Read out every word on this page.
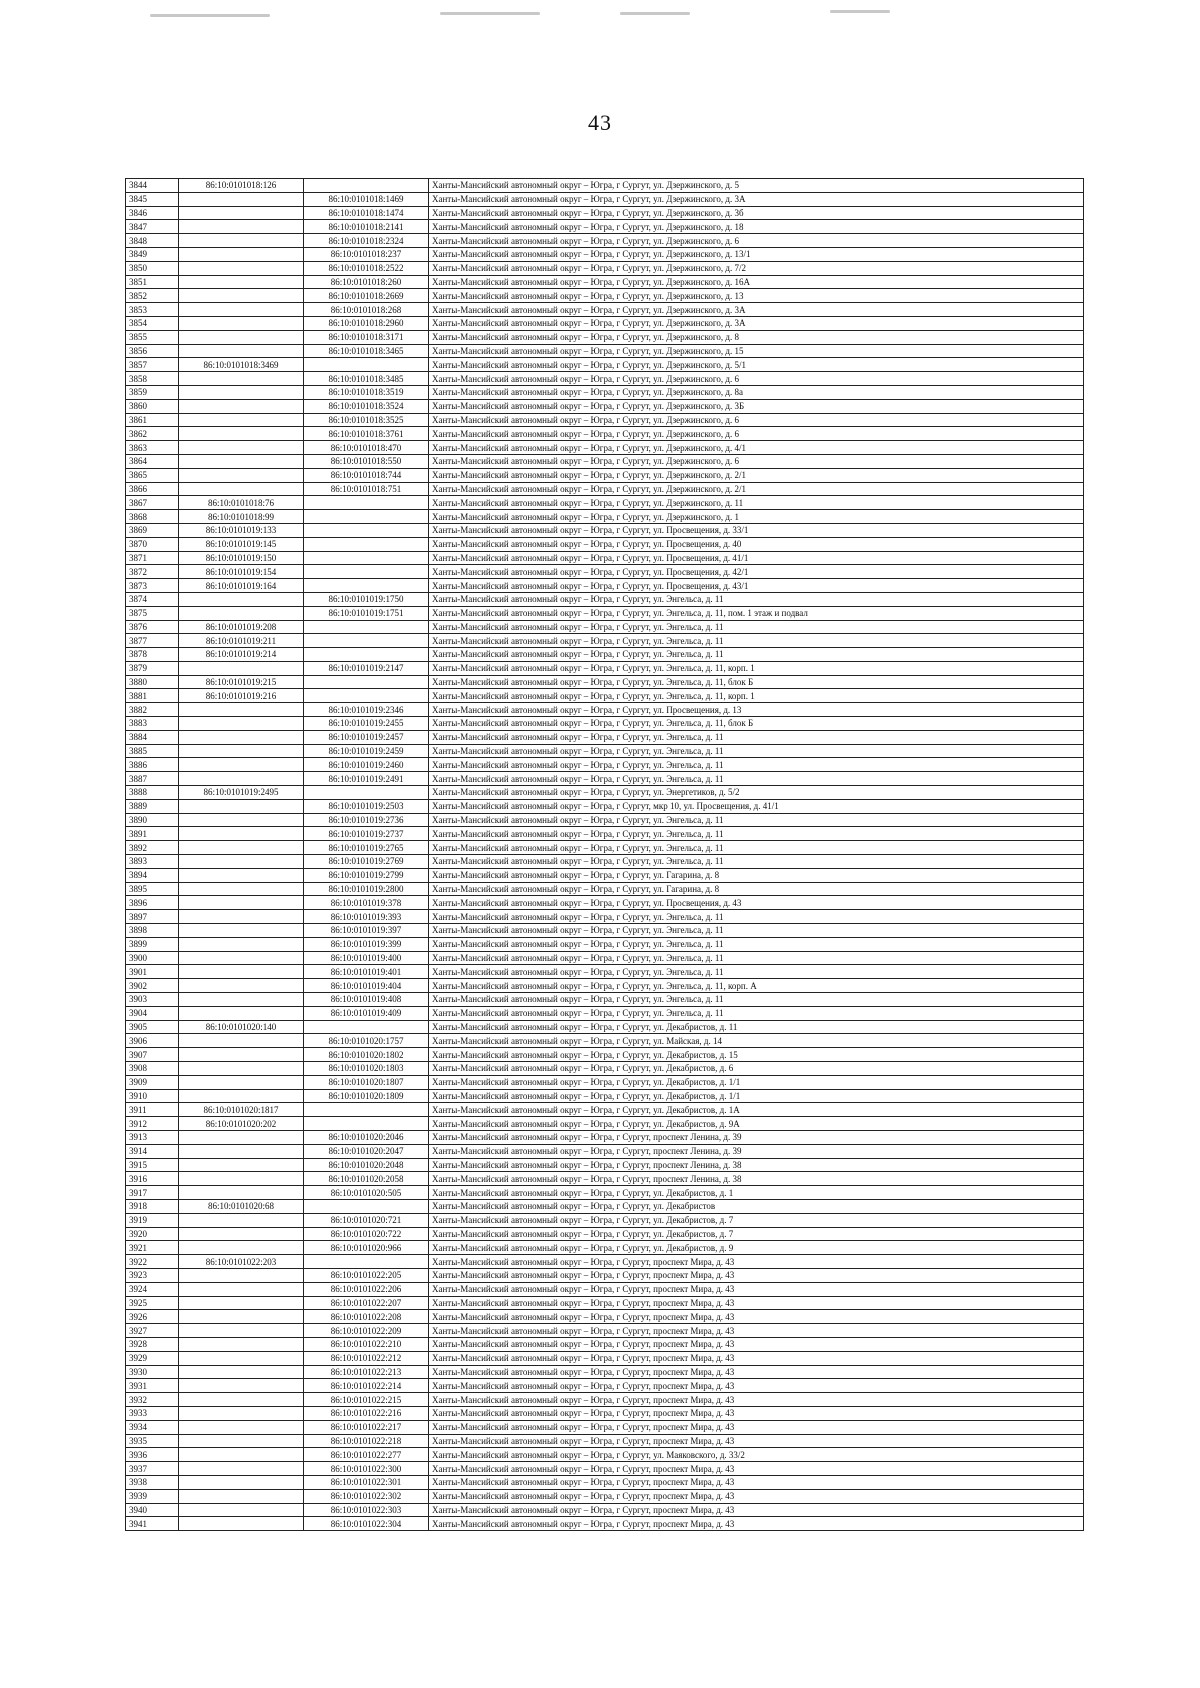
43
3844	86:10:0101018:126		Ханты-Мансийский автономный округ – Югра, г Сургут, ул. Дзержинского, д. 5
3845		86:10:0101018:1469	Ханты-Мансийский автономный округ – Югра, г Сургут, ул. Дзержинского, д. 3А
3846		86:10:0101018:1474	Ханты-Мансийский автономный округ – Югра, г Сургут, ул. Дзержинского, д. 3б
3847		86:10:0101018:2141	Ханты-Мансийский автономный округ – Югра, г Сургут, ул. Дзержинского, д. 18
3848		86:10:0101018:2324	Ханты-Мансийский автономный округ – Югра, г Сургут, ул. Дзержинского, д. 6
3849		86:10:0101018:237	Ханты-Мансийский автономный округ – Югра, г Сургут, ул. Дзержинского, д. 13/1
3850		86:10:0101018:2522	Ханты-Мансийский автономный округ – Югра, г Сургут, ул. Дзержинского, д. 7/2
3851		86:10:0101018:260	Ханты-Мансийский автономный округ – Югра, г Сургут, ул. Дзержинского, д. 16А
3852		86:10:0101018:2669	Ханты-Мансийский автономный округ – Югра, г Сургут, ул. Дзержинского, д. 13
3853		86:10:0101018:268	Ханты-Мансийский автономный округ – Югра, г Сургут, ул. Дзержинского, д. 3А
3854		86:10:0101018:2960	Ханты-Мансийский автономный округ – Югра, г Сургут, ул. Дзержинского, д. 3А
3855		86:10:0101018:3171	Ханты-Мансийский автономный округ – Югра, г Сургут, ул. Дзержинского, д. 8
3856		86:10:0101018:3465	Ханты-Мансийский автономный округ – Югра, г Сургут, ул. Дзержинского, д. 15
3857	86:10:0101018:3469		Ханты-Мансийский автономный округ – Югра, г Сургут, ул. Дзержинского, д. 5/1
3858		86:10:0101018:3485	Ханты-Мансийский автономный округ – Югра, г Сургут, ул. Дзержинского, д. 6
3859		86:10:0101018:3519	Ханты-Мансийский автономный округ – Югра, г Сургут, ул. Дзержинского, д. 8а
3860		86:10:0101018:3524	Ханты-Мансийский автономный округ – Югра, г Сургут, ул. Дзержинского, д. 3Б
3861		86:10:0101018:3525	Ханты-Мансийский автономный округ – Югра, г Сургут, ул. Дзержинского, д. 6
3862		86:10:0101018:3761	Ханты-Мансийский автономный округ – Югра, г Сургут, ул. Дзержинского, д. 6
3863		86:10:0101018:470	Ханты-Мансийский автономный округ – Югра, г Сургут, ул. Дзержинского, д. 4/1
3864		86:10:0101018:550	Ханты-Мансийский автономный округ – Югра, г Сургут, ул. Дзержинского, д. 6
3865		86:10:0101018:744	Ханты-Мансийский автономный округ – Югра, г Сургут, ул. Дзержинского, д. 2/1
3866		86:10:0101018:751	Ханты-Мансийский автономный округ – Югра, г Сургут, ул. Дзержинского, д. 2/1
3867	86:10:0101018:76		Ханты-Мансийский автономный округ – Югра, г Сургут, ул. Дзержинского, д. 11
3868	86:10:0101018:99		Ханты-Мансийский автономный округ – Югра, г Сургут, ул. Дзержинского, д. 1
3869	86:10:0101019:133		Ханты-Мансийский автономный округ – Югра, г Сургут, ул. Просвещения, д. 33/1
3870	86:10:0101019:145		Ханты-Мансийский автономный округ – Югра, г Сургут, ул. Просвещения, д. 40
3871	86:10:0101019:150		Ханты-Мансийский автономный округ – Югра, г Сургут, ул. Просвещения, д. 41/1
3872	86:10:0101019:154		Ханты-Мансийский автономный округ – Югра, г Сургут, ул. Просвещения, д. 42/1
3873	86:10:0101019:164		Ханты-Мансийский автономный округ – Югра, г Сургут, ул. Просвещения, д. 43/1
3874		86:10:0101019:1750	Ханты-Мансийский автономный округ – Югра, г Сургут, ул. Энгельса, д. 11
3875		86:10:0101019:1751	Ханты-Мансийский автономный округ – Югра, г Сургут, ул. Энгельса, д. 11, пом. 1 этаж и подвал
3876	86:10:0101019:208		Ханты-Мансийский автономный округ – Югра, г Сургут, ул. Энгельса, д. 11
3877	86:10:0101019:211		Ханты-Мансийский автономный округ – Югра, г Сургут, ул. Энгельса, д. 11
3878	86:10:0101019:214		Ханты-Мансийский автономный округ – Югра, г Сургут, ул. Энгельса, д. 11
3879		86:10:0101019:2147	Ханты-Мансийский автономный округ – Югра, г Сургут, ул. Энгельса, д. 11, корп. 1
3880	86:10:0101019:215		Ханты-Мансийский автономный округ – Югра, г Сургут, ул. Энгельса, д. 11, блок Б
3881	86:10:0101019:216		Ханты-Мансийский автономный округ – Югра, г Сургут, ул. Энгельса, д. 11, корп. 1
3882		86:10:0101019:2346	Ханты-Мансийский автономный округ – Югра, г Сургут, ул. Просвещения, д. 13
3883		86:10:0101019:2455	Ханты-Мансийский автономный округ – Югра, г Сургут, ул. Энгельса, д. 11, блок Б
3884		86:10:0101019:2457	Ханты-Мансийский автономный округ – Югра, г Сургут, ул. Энгельса, д. 11
3885		86:10:0101019:2459	Ханты-Мансийский автономный округ – Югра, г Сургут, ул. Энгельса, д. 11
3886		86:10:0101019:2460	Ханты-Мансийский автономный округ – Югра, г Сургут, ул. Энгельса, д. 11
3887		86:10:0101019:2491	Ханты-Мансийский автономный округ – Югра, г Сургут, ул. Энгельса, д. 11
3888	86:10:0101019:2495		Ханты-Мансийский автономный округ – Югра, г Сургут, ул. Энергетиков, д. 5/2
3889		86:10:0101019:2503	Ханты-Мансийский автономный округ – Югра, г Сургут, мкр 10, ул. Просвещения, д. 41/1
3890		86:10:0101019:2736	Ханты-Мансийский автономный округ – Югра, г Сургут, ул. Энгельса, д. 11
3891		86:10:0101019:2737	Ханты-Мансийский автономный округ – Югра, г Сургут, ул. Энгельса, д. 11
3892		86:10:0101019:2765	Ханты-Мансийский автономный округ – Югра, г Сургут, ул. Энгельса, д. 11
3893		86:10:0101019:2769	Ханты-Мансийский автономный округ – Югра, г Сургут, ул. Энгельса, д. 11
3894		86:10:0101019:2799	Ханты-Мансийский автономный округ – Югра, г Сургут, ул. Гагарина, д. 8
3895		86:10:0101019:2800	Ханты-Мансийский автономный округ – Югра, г Сургут, ул. Гагарина, д. 8
3896		86:10:0101019:378	Ханты-Мансийский автономный округ – Югра, г Сургут, ул. Просвещения, д. 43
3897		86:10:0101019:393	Ханты-Мансийский автономный округ – Югра, г Сургут, ул. Энгельса, д. 11
3898		86:10:0101019:397	Ханты-Мансийский автономный округ – Югра, г Сургут, ул. Энгельса, д. 11
3899		86:10:0101019:399	Ханты-Мансийский автономный округ – Югра, г Сургут, ул. Энгельса, д. 11
3900		86:10:0101019:400	Ханты-Мансийский автономный округ – Югра, г Сургут, ул. Энгельса, д. 11
3901		86:10:0101019:401	Ханты-Мансийский автономный округ – Югра, г Сургут, ул. Энгельса, д. 11
3902		86:10:0101019:404	Ханты-Мансийский автономный округ – Югра, г Сургут, ул. Энгельса, д. 11, корп. А
3903		86:10:0101019:408	Ханты-Мансийский автономный округ – Югра, г Сургут, ул. Энгельса, д. 11
3904		86:10:0101019:409	Ханты-Мансийский автономный округ – Югра, г Сургут, ул. Энгельса, д. 11
3905	86:10:0101020:140		Ханты-Мансийский автономный округ – Югра, г Сургут, ул. Декабристов, д. 11
3906		86:10:0101020:1757	Ханты-Мансийский автономный округ – Югра, г Сургут, ул. Майская, д. 14
3907		86:10:0101020:1802	Ханты-Мансийский автономный округ – Югра, г Сургут, ул. Декабристов, д. 15
3908		86:10:0101020:1803	Ханты-Мансийский автономный округ – Югра, г Сургут, ул. Декабристов, д. 6
3909		86:10:0101020:1807	Ханты-Мансийский автономный округ – Югра, г Сургут, ул. Декабристов, д. 1/1
3910		86:10:0101020:1809	Ханты-Мансийский автономный округ – Югра, г Сургут, ул. Декабристов, д. 1/1
3911	86:10:0101020:1817		Ханты-Мансийский автономный округ – Югра, г Сургут, ул. Декабристов, д. 1А
3912	86:10:0101020:202		Ханты-Мансийский автономный округ – Югра, г Сургут, ул. Декабристов, д. 9А
3913		86:10:0101020:2046	Ханты-Мансийский автономный округ – Югра, г Сургут, проспект Ленина, д. 39
3914		86:10:0101020:2047	Ханты-Мансийский автономный округ – Югра, г Сургут, проспект Ленина, д. 39
3915		86:10:0101020:2048	Ханты-Мансийский автономный округ – Югра, г Сургут, проспект Ленина, д. 38
3916		86:10:0101020:2058	Ханты-Мансийский автономный округ – Югра, г Сургут, проспект Ленина, д. 38
3917		86:10:0101020:505	Ханты-Мансийский автономный округ – Югра, г Сургут, ул. Декабристов, д. 1
3918	86:10:0101020:68		Ханты-Мансийский автономный округ – Югра, г Сургут, ул. Декабристов
3919		86:10:0101020:721	Ханты-Мансийский автономный округ – Югра, г Сургут, ул. Декабристов, д. 7
3920		86:10:0101020:722	Ханты-Мансийский автономный округ – Югра, г Сургут, ул. Декабристов, д. 7
3921		86:10:0101020:966	Ханты-Мансийский автономный округ – Югра, г Сургут, ул. Декабристов, д. 9
3922	86:10:0101022:203		Ханты-Мансийский автономный округ – Югра, г Сургут, проспект Мира, д. 43
3923		86:10:0101022:205	Ханты-Мансийский автономный округ – Югра, г Сургут, проспект Мира, д. 43
3924		86:10:0101022:206	Ханты-Мансийский автономный округ – Югра, г Сургут, проспект Мира, д. 43
3925		86:10:0101022:207	Ханты-Мансийский автономный округ – Югра, г Сургут, проспект Мира, д. 43
3926		86:10:0101022:208	Ханты-Мансийский автономный округ – Югра, г Сургут, проспект Мира, д. 43
3927		86:10:0101022:209	Ханты-Мансийский автономный округ – Югра, г Сургут, проспект Мира, д. 43
3928		86:10:0101022:210	Ханты-Мансийский автономный округ – Югра, г Сургут, проспект Мира, д. 43
3929		86:10:0101022:212	Ханты-Мансийский автономный округ – Югра, г Сургут, проспект Мира, д. 43
3930		86:10:0101022:213	Ханты-Мансийский автономный округ – Югра, г Сургут, проспект Мира, д. 43
3931		86:10:0101022:214	Ханты-Мансийский автономный округ – Югра, г Сургут, проспект Мира, д. 43
3932		86:10:0101022:215	Ханты-Мансийский автономный округ – Югра, г Сургут, проспект Мира, д. 43
3933		86:10:0101022:216	Ханты-Мансийский автономный округ – Югра, г Сургут, проспект Мира, д. 43
3934		86:10:0101022:217	Ханты-Мансийский автономный округ – Югра, г Сургут, проспект Мира, д. 43
3935		86:10:0101022:218	Ханты-Мансийский автономный округ – Югра, г Сургут, проспект Мира, д. 43
3936		86:10:0101022:277	Ханты-Мансийский автономный округ – Югра, г Сургут, ул. Маяковского, д. 33/2
3937		86:10:0101022:300	Ханты-Мансийский автономный округ – Югра, г Сургут, проспект Мира, д. 43
3938		86:10:0101022:301	Ханты-Мансийский автономный округ – Югра, г Сургут, проспект Мира, д. 43
3939		86:10:0101022:302	Ханты-Мансийский автономный округ – Югра, г Сургут, проспект Мира, д. 43
3940		86:10:0101022:303	Ханты-Мансийский автономный округ – Югра, г Сургут, проспект Мира, д. 43
3941		86:10:0101022:304	Ханты-Мансийский автономный округ – Югра, г Сургут, проспект Мира, д. 43
